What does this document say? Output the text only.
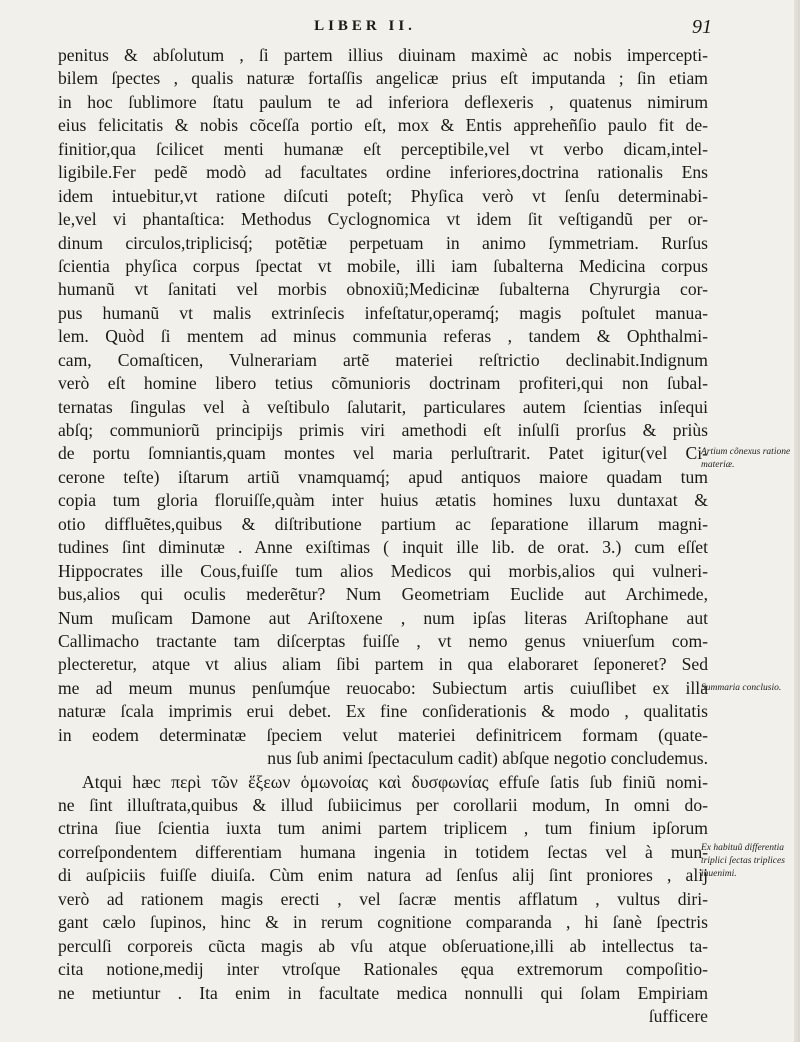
LIBER II.	91
penitus & abſolutum , ſi partem illius diuinam maximè ac nobis impercepti-
bilem ſpectes , qualis naturæ fortaſſis angelicæ prius eſt imputanda ; ſin etiam
in hoc ſublimore ſtatu paulum te ad inferiora deflexeris , quatenus nimirum
eius felicitatis & nobis cõceſſa portio eſt, mox & Entis appreheñſio paulo fit de-
finitior,qua ſcilicet menti humanæ eſt perceptibile,vel vt verbo dicam,intel-
ligibile.Fer pedẽ modò ad facultates ordine inferiores,doctrina rationalis Ens
idem intuebitur,vt ratione diſcuti poteſt; Phyſica verò vt ſenſu determinabi-
le,vel vi phantaſtica: Methodus Cyclognomica vt idem ſit veſtigandũ per or-
dinum circulos,triplicisq́; potẽtiæ perpetuam in animo ſymmetriam. Rurſus
ſcientia phyſica corpus ſpectat vt mobile, illi iam ſubalterna Medicina corpus
humanũ vt ſanitati vel morbis obnoxiũ;Medicinæ ſubalterna Chyrurgia cor-
pus humanũ vt malis extrinſecis infeſtatur,operamq́; magis poſtulet manua-
lem. Quòd ſi mentem ad minus communia referas , tandem & Ophthalmi-
cam, Comaſticen, Vulnerariam artẽ materiei reſtrictio declinabit.Indignum
verò eſt homine libero tetius cõmunioris doctrinam profiteri,qui non ſubal-
ternatas ſingulas vel à veſtibulo ſalutarit, particulares autem ſcientias inſequi
abſq; communiorũ principijs primis viri amethodi eſt inſulſi prorſus & priùs
de portu ſomniantis,quam montes vel maria perluſtrarit. Patet igitur(vel Ci-
cerone teſte) iſtarum artiũ vnamquamq́; apud antiquos maiore quadam tum
copia tum gloria floruiſſe,quàm inter huius ætatis homines luxu duntaxat &
otio diffluẽtes,quibus & diſtributione partium ac ſeparatione illarum magni-
tudines ſint diminutæ . Anne exiſtimas ( inquit ille lib. de orat. 3.) cum eſſet
Hippocrates ille Cous,fuiſſe tum alios Medicos qui morbis,alios qui vulneri-
bus,alios qui oculis mederẽtur? Num Geometriam Euclide aut Archimede,
Num muſicam Damone aut Ariſtoxene , num ipſas literas Ariſtophane aut
Callimacho tractante tam diſcerptas fuiſſe , vt nemo genus vniuerſum com-
plecteretur, atque vt alius aliam ſibi partem in qua elaboraret ſeponeret? Sed
me ad meum munus penſumq́ue reuocabo: Subiectum artis cuiuſlibet ex illa
naturæ ſcala imprimis erui debet. Ex fine conſiderationis & modo , qualitatis
in eodem determinatæ ſpeciem velut materiei definitricem formam (quate-
nus ſub animi ſpectaculum cadit) abſque negotio concludemus.
Atqui hæc περὶ τῶν ἕξεων ὁμωνοίας καὶ δυσφωνίας effuſe ſatis ſub finiũ nomi-
ne ſint illuſtrata,quibus & illud ſubiicimus per corollarii modum, In omni do-
ctrina ſiue ſcientia iuxta tum animi partem triplicem , tum finium ipſorum
correſpondentem differentiam humana ingenia in totidem ſectas vel à mun-
di auſpiciis fuiſſe diuiſa. Cùm enim natura ad ſenſus alij ſint proniores , alij
verò ad rationem magis erecti , vel ſacræ mentis afflatum , vultus diri-
gant cælo ſupinos, hinc & in rerum cognitione comparanda , hi ſanè ſpectris
perculſi corporeis cũcta magis ab vſu atque obſeruatione,illi ab intellectus ta-
cita notione,medij inter vtroſque Rationales ęqua extremorum compoſitio-
ne metiuntur . Ita enim in facultate medica nonnulli qui ſolam Empiriam
ſufficere
Artium cõnexus ratione materiæ.
Summaria conclusio.
Ex habituũ differentia triplici ſectas triplices inuenimi.
